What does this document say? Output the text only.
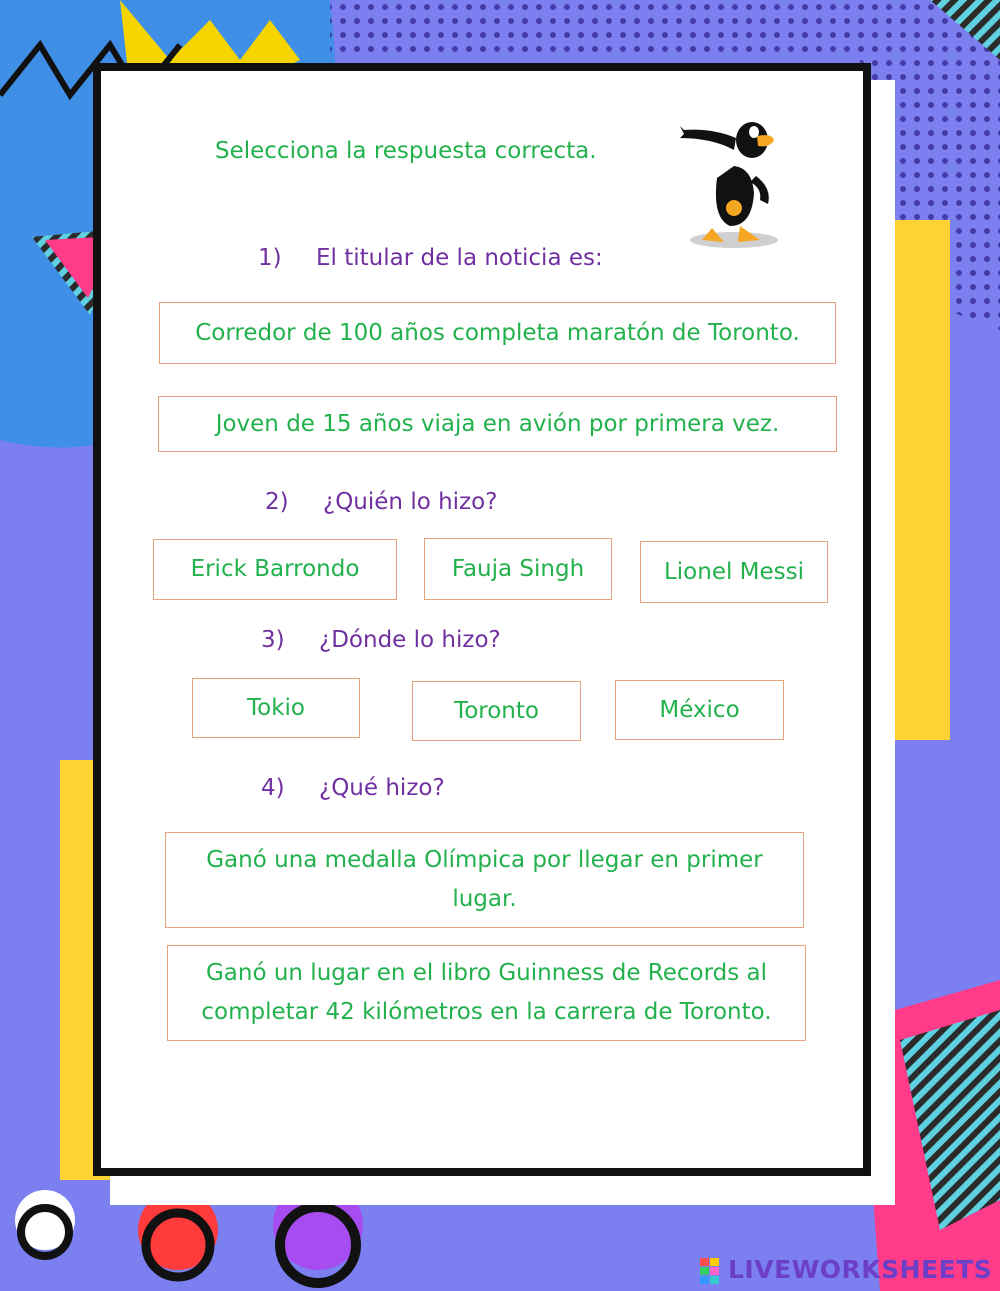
Selecciona la respuesta correcta.
1) El titular de la noticia es:
Corredor de 100 años completa maratón de Toronto.
Joven de 15 años viaja en avión por primera vez.
2) ¿Quién lo hizo?
Erick Barrondo	Fauja Singh	Lionel Messi
3) ¿Dónde lo hizo?
Tokio	Toronto	México
4) ¿Qué hizo?
Ganó una medalla Olímpica por llegar en primer lugar.
Ganó un lugar en el libro Guinness de Records al completar 42 kilómetros en la carrera de Toronto.
LIVEWORKSHEETS
